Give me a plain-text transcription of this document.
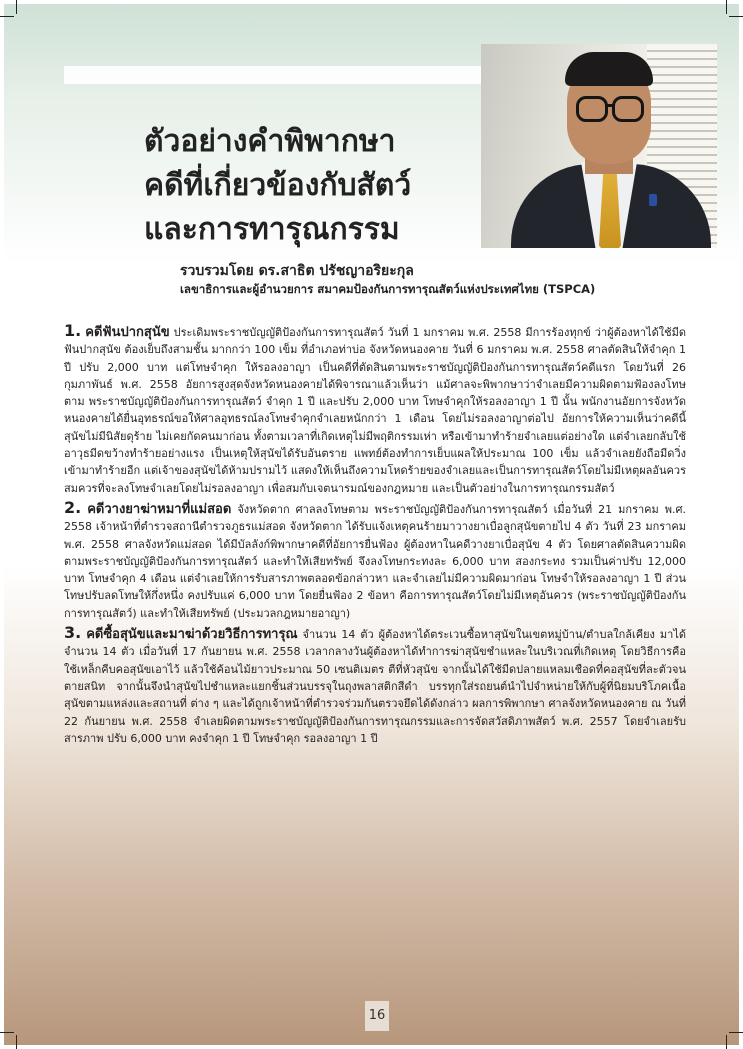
ตัวอย่างคำพิพากษา
คดีที่เกี่ยวข้องกับสัตว์
และการทารุณกรรม
รวบรวมโดย ดร.สาธิต ปรัชญาอริยะกุล
เลขาธิการและผู้อำนวยการ สมาคมป้องกันการทารุณสัตว์แห่งประเทศไทย (TSPCA)

1. คดีฟันปากสุนัข ประเดิมพระราชบัญญัติป้องกันการทารุณสัตว์ วันที่ 1 มกราคม พ.ศ. 2558 มีการร้องทุกข์ ว่าผู้ต้องหาได้ใช้มีดฟันปากสุนัข ต้องเย็บถึงสามชั้น มากกว่า 100 เข็ม ที่อำเภอท่าบ่อ จังหวัดหนองคาย วันที่ 6 มกราคม พ.ศ. 2558 ศาลตัดสินให้จำคุก 1 ปี ปรับ 2,000 บาท แต่โทษจำคุก ให้รอลงอาญา เป็นคดีที่ตัดสินตามพระราชบัญญัติป้องกันการทารุณสัตว์คดีแรก โดยวันที่ 26 กุมภาพันธ์ พ.ศ. 2558 อัยการสูงสุดจังหวัดหนองคายได้พิจารณาแล้วเห็นว่า แม้ศาลจะพิพากษาว่าจำเลยมีความผิดตามฟ้องลงโทษตาม พระราชบัญญัติป้องกันการทารุณสัตว์ จำคุก 1 ปี และปรับ 2,000 บาท โทษจำคุกให้รอลงอาญา 1 ปี นั้น พนักงานอัยการจังหวัดหนองคายได้ยื่นอุทธรณ์ขอให้ศาลอุทธรณ์ลงโทษจำคุกจำเลยหนักกว่า 1 เดือน โดยไม่รอลงอาญาต่อไป อัยการให้ความเห็นว่าคดีนี้สุนัขไม่มีนิสัยดุร้าย ไม่เคยกัดคนมาก่อน ทั้งตามเวลาที่เกิดเหตุไม่มีพฤติกรรมเห่า หรือเข้ามาทำร้ายจำเลยแต่อย่างใด แต่จำเลยกลับใช้อาวุธมีดขว้างทำร้ายอย่างแรง เป็นเหตุให้สุนัขได้รับอันตราย แพทย์ต้องทำการเย็บแผลให้ประมาณ 100 เข็ม แล้วจำเลยยังถือมีดวิ่งเข้ามาทำร้ายอีก แต่เจ้าของสุนัขได้ห้ามปรามไว้ แสดงให้เห็นถึงความโหดร้ายของจำเลยและเป็นการทารุณสัตว์โดยไม่มีเหตุผลอันควร สมควรที่จะลงโทษจำเลยโดยไม่รอลงอาญา เพื่อสมกับเจตนารมณ์ของกฎหมาย และเป็นตัวอย่างในการทารุณกรรมสัตว์

2. คดีวางยาฆ่าหมาที่แม่สอด จังหวัดตาก ศาลลงโทษตาม พระราชบัญญัติป้องกันการทารุณสัตว์ เมื่อวันที่ 21 มกราคม พ.ศ. 2558 เจ้าหน้าที่ตำรวจสถานีตำรวจภูธรแม่สอด จังหวัดตาก ได้รับแจ้งเหตุคนร้ายมาวางยาเบื่อลูกสุนัขตายไป 4 ตัว วันที่ 23 มกราคม พ.ศ. 2558 ศาลจังหวัดแม่สอด ได้มีบัลลังก์พิพากษาคดีที่อัยการยื่นฟ้อง ผู้ต้องหาในคดีวางยาเบื่อสุนัข 4 ตัว โดยศาลตัดสินความผิดตามพระราชบัญญัติป้องกันการทารุณสัตว์ และทำให้เสียทรัพย์ จึงลงโทษกระทงละ 6,000 บาท สองกระทง รวมเป็นค่าปรับ 12,000 บาท โทษจำคุก 4 เดือน แต่จำเลยให้การรับสารภาพตลอดข้อกล่าวหา และจำเลยไม่มีความผิดมาก่อน โทษจำให้รอลงอาญา 1 ปี ส่วนโทษปรับลดโทษให้กึ่งหนึ่ง คงปรับแค่ 6,000 บาท โดยยื่นฟ้อง 2 ข้อหา คือการทารุณสัตว์โดยไม่มีเหตุอันควร (พระราชบัญญัติป้องกันการทารุณสัตว์) และทำให้เสียทรัพย์ (ประมวลกฎหมายอาญา)

3. คดีซื้อสุนัขและมาฆ่าด้วยวิธีการทารุณ จำนวน 14 ตัว ผู้ต้องหาได้ตระเวนซื้อหาสุนัขในเขตหมู่บ้าน/ตำบลใกล้เคียง มาได้จำนวน 14 ตัว เมื่อวันที่ 17 กันยายน พ.ศ. 2558 เวลากลางวันผู้ต้องหาได้ทำการฆ่าสุนัขชำแหละในบริเวณที่เกิดเหตุ โดยวิธีการคือ ใช้เหล็กคีบคอสุนัขเอาไว้ แล้วใช้ค้อนไม้ยาวประมาณ 50 เซนติเมตร ตีที่หัวสุนัข จากนั้นได้ใช้มีดปลายแหลมเชือดที่คอสุนัขที่ละตัวจนตายสนิท จากนั้นจึงนำสุนัขไปชำแหละแยกชิ้นส่วนบรรจุในถุงพลาสติกสีดำ บรรทุกใส่รถยนต์นำไปจำหน่ายให้กับผู้ที่นิยมบริโภคเนื้อสุนัขตามแหล่งและสถานที่ ต่าง ๆ และได้ถูกเจ้าหน้าที่ตำรวจร่วมกันตรวจยึดได้ดังกล่าว ผลการพิพากษา ศาลจังหวัดหนองคาย ณ วันที่ 22 กันยายน พ.ศ. 2558 จำเลยผิดตามพระราชบัญญัติป้องกันการทารุณกรรมและการจัดสวัสดิภาพสัตว์ พ.ศ. 2557 โดยจำเลยรับสารภาพ ปรับ 6,000 บาท คงจำคุก 1 ปี โทษจำคุก รอลงอาญา 1 ปี

16
